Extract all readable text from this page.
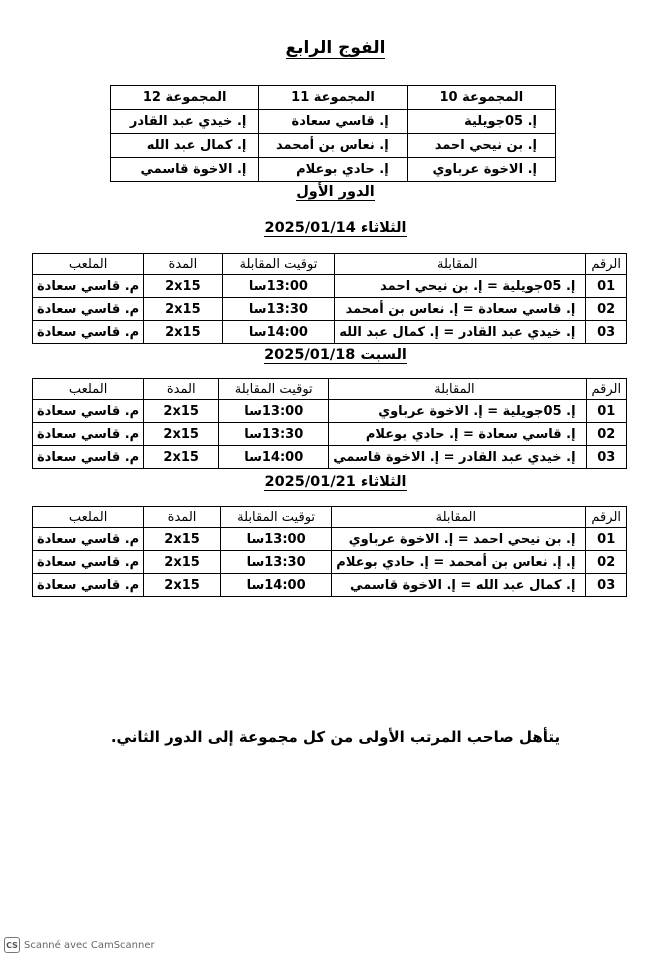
الفوج الرابع
المجموعة 10	المجموعة 11	المجموعة 12
إ. 05جويلية	إ. قاسي سعادة	إ. خيدي عبد القادر
إ. بن نيحي احمد	إ. نعاس بن أمحمد	إ. كمال عبد الله
إ. الاخوة عرباوي	إ. حادي بوعلام	إ. الاخوة قاسمي
الدور الأول
الثلاثاء 2025/01/14
الرقم	المقابلة	توقيت المقابلة	المدة	الملعب
01	إ. 05جويلية = إ. بن نيحي احمد	13:00سا	2x15	م. قاسي سعادة
02	إ. قاسي سعادة = إ. نعاس بن أمحمد	13:30سا	2x15	م. قاسي سعادة
03	إ. خيدي عبد القادر = إ. كمال عبد الله	14:00سا	2x15	م. قاسي سعادة
السبت 2025/01/18
الرقم	المقابلة	توقيت المقابلة	المدة	الملعب
01	إ. 05جويلية = إ. الاخوة عرباوي	13:00سا	2x15	م. قاسي سعادة
02	إ. قاسي سعادة = إ. حادي بوعلام	13:30سا	2x15	م. قاسي سعادة
03	إ. خيدي عبد القادر = إ. الاخوة قاسمي	14:00سا	2x15	م. قاسي سعادة
الثلاثاء 2025/01/21
الرقم	المقابلة	توقيت المقابلة	المدة	الملعب
01	إ. بن نيحي احمد = إ. الاخوة عرباوي	13:00سا	2x15	م. قاسي سعادة
02	إ. إ. نعاس بن أمحمد = إ. حادي بوعلام	13:30سا	2x15	م. قاسي سعادة
03	إ. كمال عبد الله = إ. الاخوة قاسمي	14:00سا	2x15	م. قاسي سعادة
يتأهل صاحب المرتب الأولى من كل مجموعة إلى الدور الثاني.
CS Scanné avec CamScanner
